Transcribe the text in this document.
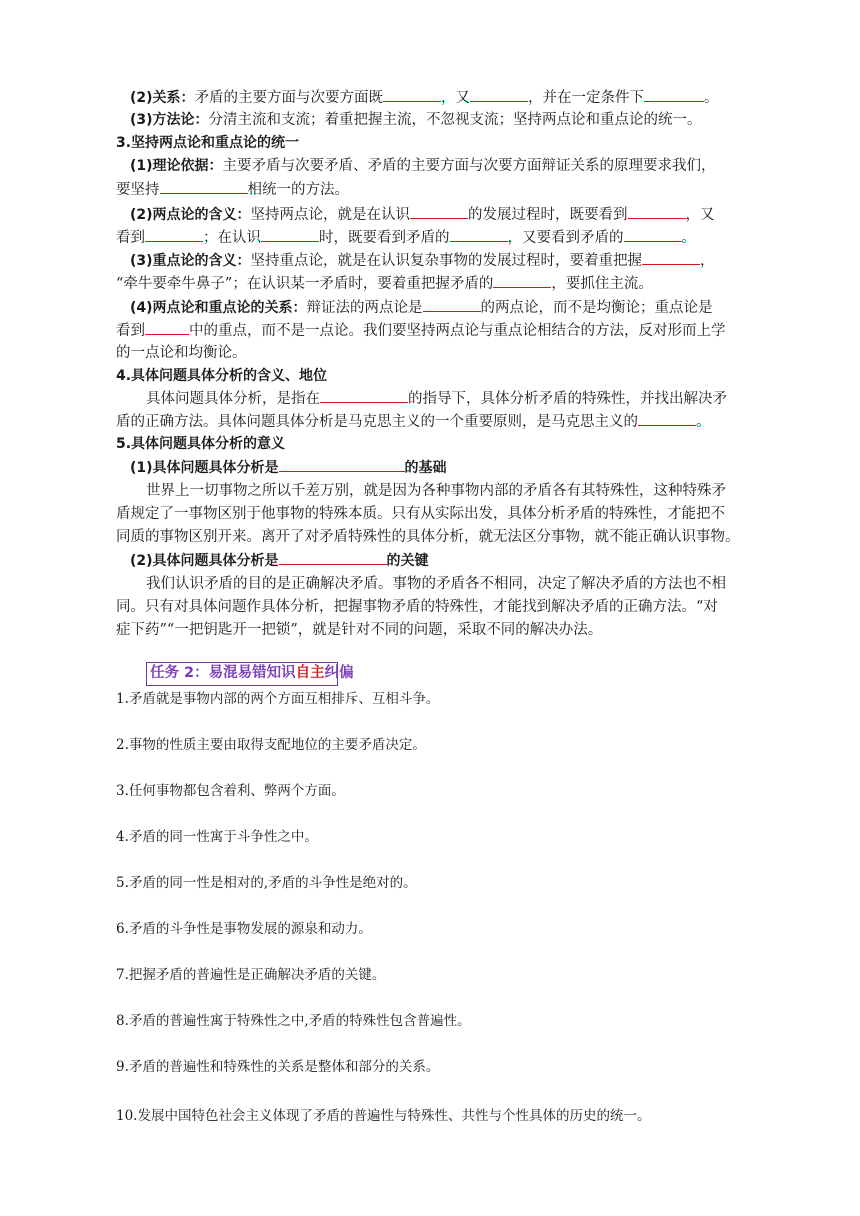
(2)关系：矛盾的主要方面与次要方面既	，又	，并在一定条件下	。
(3)方法论：分清主流和支流；着重把握主流，不忽视支流；坚持两点论和重点论的统一。
3.坚持两点论和重点论的统一
(1)理论依据：主要矛盾与次要矛盾、矛盾的主要方面与次要方面辩证关系的原理要求我们，
要坚持	相统一的方法。
(2)两点论的含义：坚持两点论，就是在认识	的发展过程时，既要看到	，又
看到	；在认识	时，既要看到矛盾的	，又要看到矛盾的	。
(3)重点论的含义：坚持重点论，就是在认识复杂事物的发展过程时，要着重把握	，
“牵牛要牵牛鼻子”；在认识某一矛盾时，要着重把握矛盾的	，要抓住主流。
(4)两点论和重点论的关系：辩证法的两点论是	的两点论，而不是均衡论；重点论是
看到	中的重点，而不是一点论。我们要坚持两点论与重点论相结合的方法，反对形而上学
的一点论和均衡论。
4.具体问题具体分析的含义、地位
具体问题具体分析，是指在	的指导下，具体分析矛盾的特殊性，并找出解决矛
盾的正确方法。具体问题具体分析是马克思主义的一个重要原则，是马克思主义的	。
5.具体问题具体分析的意义
(1)具体问题具体分析是	的基础
世界上一切事物之所以千差万别，就是因为各种事物内部的矛盾各有其特殊性，这种特殊矛
盾规定了一事物区别于他事物的特殊本质。只有从实际出发，具体分析矛盾的特殊性，才能把不
同质的事物区别开来。离开了对矛盾特殊性的具体分析，就无法区分事物，就不能正确认识事物。
(2)具体问题具体分析是	的关键
我们认识矛盾的目的是正确解决矛盾。事物的矛盾各不相同，决定了解决矛盾的方法也不相
同。只有对具体问题作具体分析，把握事物矛盾的特殊性，才能找到解决矛盾的正确方法。“对
症下药”“一把钥匙开一把锁”，就是针对不同的问题，采取不同的解决办法。
任务 2：易混易错知识自主纠偏
1.矛盾就是事物内部的两个方面互相排斥、互相斗争。
2.事物的性质主要由取得支配地位的主要矛盾决定。
3.任何事物都包含着利、弊两个方面。
4.矛盾的同一性寓于斗争性之中。
5.矛盾的同一性是相对的,矛盾的斗争性是绝对的。
6.矛盾的斗争性是事物发展的源泉和动力。
7.把握矛盾的普遍性是正确解决矛盾的关键。
8.矛盾的普遍性寓于特殊性之中,矛盾的特殊性包含普遍性。
9.矛盾的普遍性和特殊性的关系是整体和部分的关系。
10.发展中国特色社会主义体现了矛盾的普遍性与特殊性、共性与个性具体的历史的统一。
